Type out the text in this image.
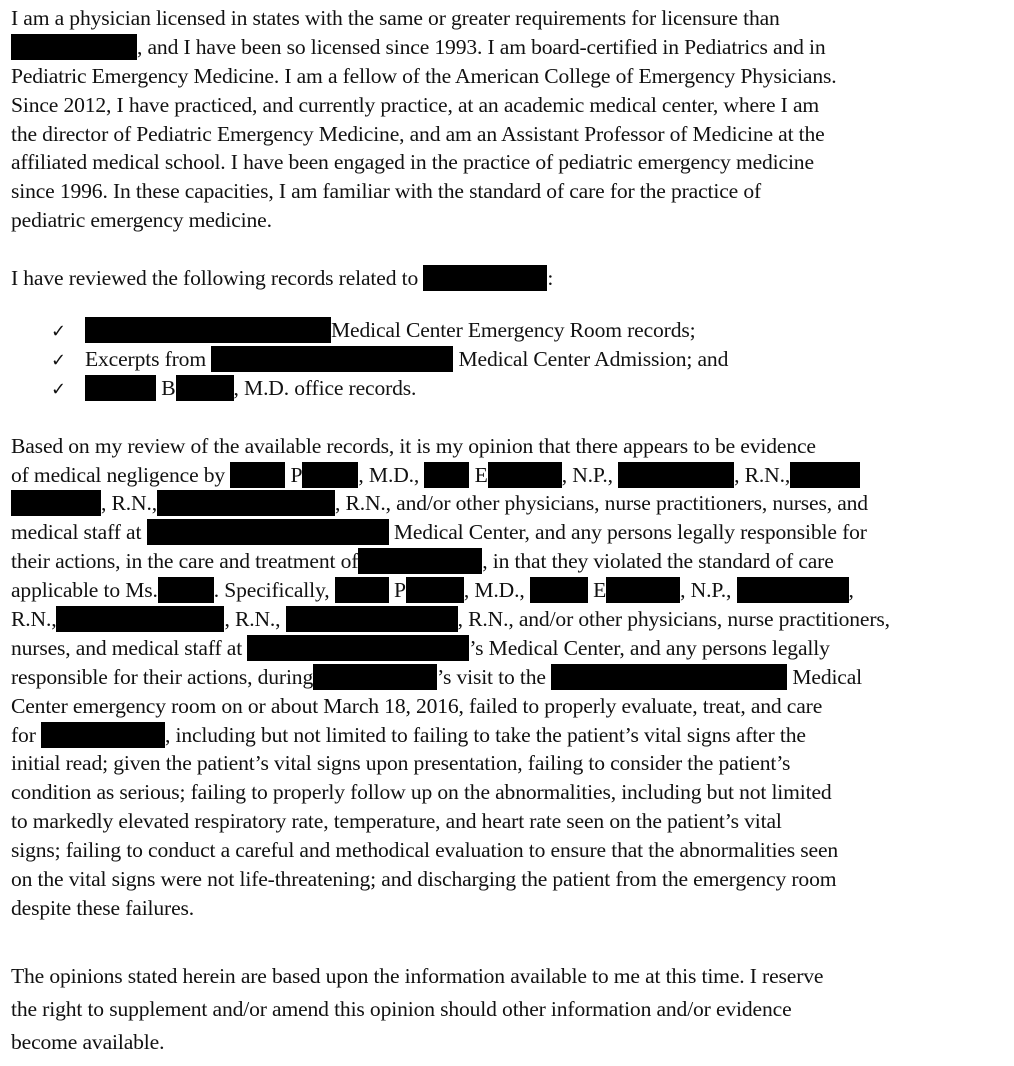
I am a physician licensed in states with the same or greater requirements for licensure than
, and I have been so licensed since 1993. I am board-certified in Pediatrics and in
Pediatric Emergency Medicine. I am a fellow of the American College of Emergency Physicians.
Since 2012, I have practiced, and currently practice, at an academic medical center, where I am
the director of Pediatric Emergency Medicine, and am an Assistant Professor of Medicine at the
affiliated medical school. I have been engaged in the practice of pediatric emergency medicine
since 1996. In these capacities, I am familiar with the standard of care for the practice of
pediatric emergency medicine.
I have reviewed the following records related to	:
✓	Medical Center Emergency Room records;
✓ Excerpts from	Medical Center Admission; and
✓	B	, M.D. office records.
Based on my review of the available records, it is my opinion that there appears to be evidence
of medical negligence by	P	, M.D.,	E	, N.P.,	, R.N.,
, R.N.,	, R.N., and/or other physicians, nurse practitioners, nurses, and
medical staff at	Medical Center, and any persons legally responsible for
their actions, in the care and treatment of	, in that they violated the standard of care
applicable to Ms.	. Specifically,	P	, M.D.,	E	, N.P.,	,
R.N.,	, R.N.,	, R.N., and/or other physicians, nurse practitioners,
nurses, and medical staff at	’s Medical Center, and any persons legally
responsible for their actions, during	’s visit to the	Medical
Center emergency room on or about March 18, 2016, failed to properly evaluate, treat, and care
for	, including but not limited to failing to take the patient’s vital signs after the
initial read; given the patient’s vital signs upon presentation, failing to consider the patient’s
condition as serious; failing to properly follow up on the abnormalities, including but not limited
to markedly elevated respiratory rate, temperature, and heart rate seen on the patient’s vital
signs; failing to conduct a careful and methodical evaluation to ensure that the abnormalities seen
on the vital signs were not life-threatening; and discharging the patient from the emergency room
despite these failures.
The opinions stated herein are based upon the information available to me at this time. I reserve
the right to supplement and/or amend this opinion should other information and/or evidence
become available.
